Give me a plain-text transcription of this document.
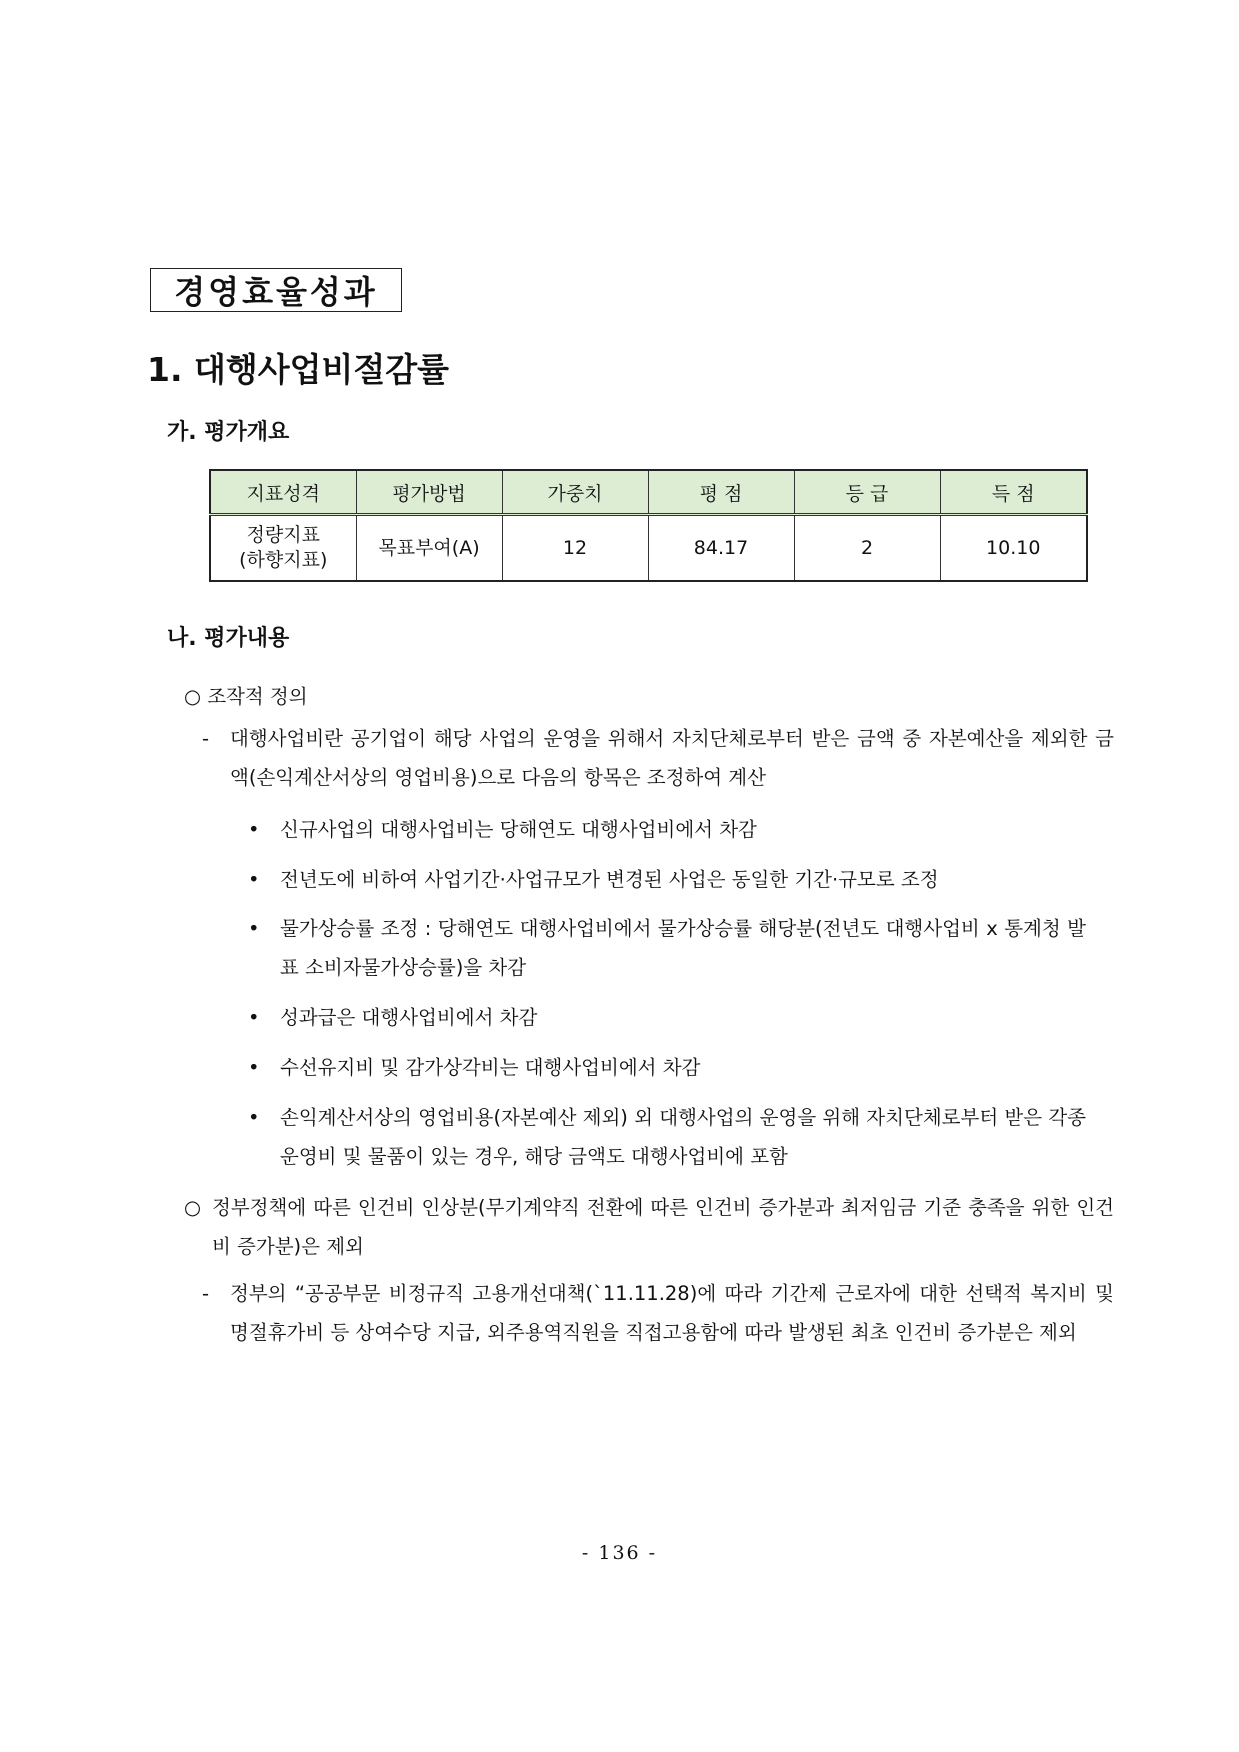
경영효율성과
1. 대행사업비절감률
가. 평가개요
지표성격	평가방법	가중치	평 점	등 급	득 점

정량지표
(하향지표)	목표부여(A)	12	84.17	2	10.10
나. 평가내용

○ 조작적 정의

- 대행사업비란 공기업이 해당 사업의 운영을 위해서 자치단체로부터 받은 금액 중 자본예산을 제외한 금액(손익계산서상의 영업비용)으로 다음의 항목은 조정하여 계산

•	신규사업의 대행사업비는 당해연도 대행사업비에서 차감
•	전년도에 비하여 사업기간·사업규모가 변경된 사업은 동일한 기간·규모로 조정
•	물가상승률 조정 : 당해연도 대행사업비에서 물가상승률 해당분(전년도 대행사업비 x 통계청 발표 소비자물가상승률)을 차감
•	성과급은 대행사업비에서 차감
•	수선유지비 및 감가상각비는 대행사업비에서 차감
•	손익계산서상의 영업비용(자본예산 제외) 외 대행사업의 운영을 위해 자치단체로부터 받은 각종 운영비 및 물품이 있는 경우, 해당 금액도 대행사업비에 포함

○ 정부정책에 따른 인건비 인상분(무기계약직 전환에 따른 인건비 증가분과 최저임금 기준 충족을 위한 인건비 증가분)은 제외

- 정부의 “공공부문 비정규직 고용개선대책(`11.11.28)에 따라 기간제 근로자에 대한 선택적 복지비 및 명절휴가비 등 상여수당 지급, 외주용역직원을 직접고용함에 따라 발생된 최초 인건비 증가분은 제외

- 136 -
